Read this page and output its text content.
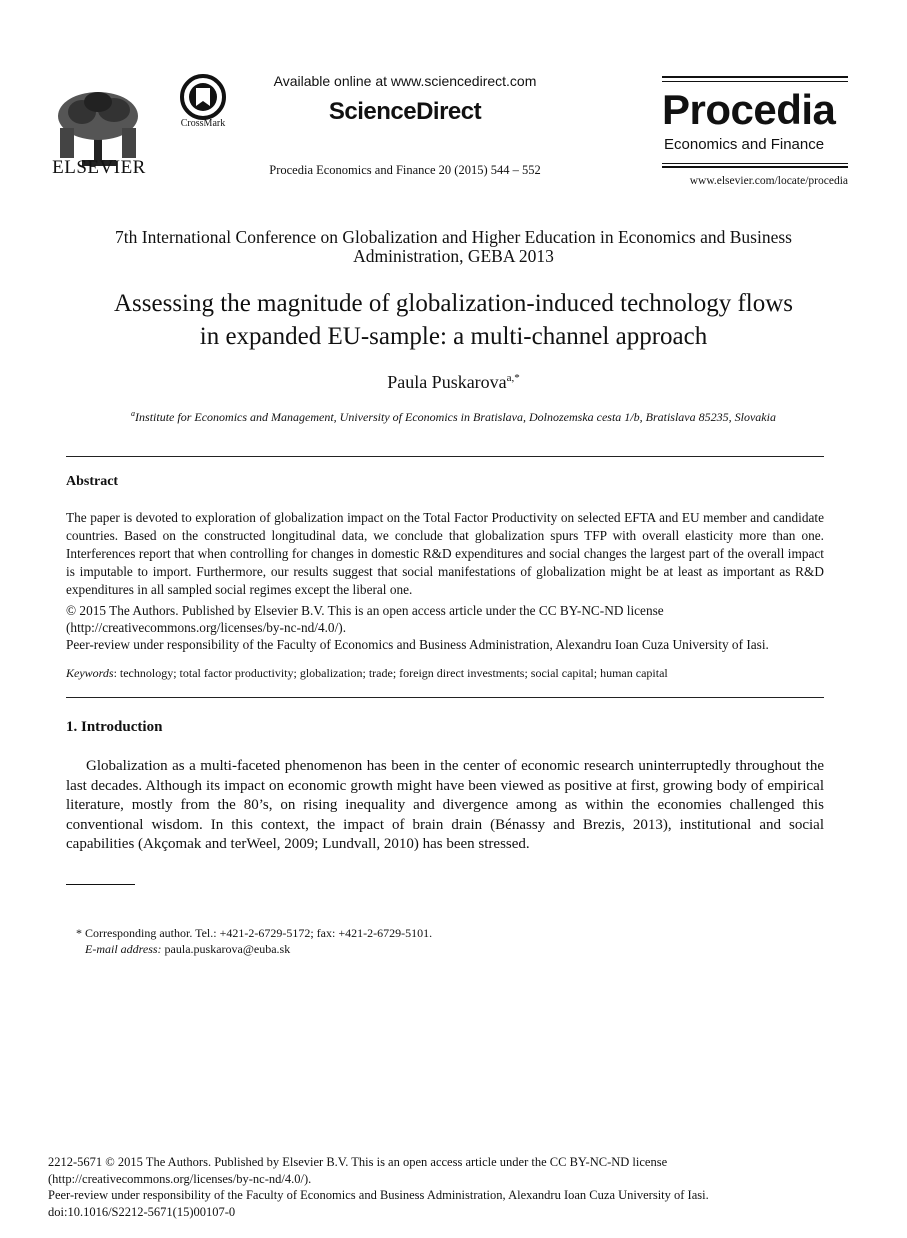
ELSEVIER
CrossMark
Available online at www.sciencedirect.com
ScienceDirect
Procedia Economics and Finance 20 (2015) 544 – 552
Procedia
Economics and Finance
www.elsevier.com/locate/procedia
7th International Conference on Globalization and Higher Education in Economics and Business
Administration, GEBA 2013
Assessing the magnitude of globalization-induced technology flows
in expanded EU-sample: a multi-channel approach
Paula Puskarova$^{a,*}$
$^a$Institute for Economics and Management, University of Economics in Bratislava, Dolnozemska cesta 1/b, Bratislava 85235, Slovakia
Abstract
The paper is devoted to exploration of globalization impact on the Total Factor Productivity on selected EFTA and EU member and candidate countries. Based on the constructed longitudinal data, we conclude that globalization spurs TFP with overall elasticity more than one. Interferences report that when controlling for changes in domestic R&D expenditures and social changes the largest part of the overall impact is imputable to import. Furthermore, our results suggest that social manifestations of globalization might be at least as important as R&D expenditures in all sampled social regimes except the liberal one.
© 2015 The Authors. Published by Elsevier B.V. This is an open access article under the CC BY-NC-ND license
(http://creativecommons.org/licenses/by-nc-nd/4.0/).
Peer-review under responsibility of the Faculty of Economics and Business Administration, Alexandru Ioan Cuza University of Iasi.
Keywords: technology; total factor productivity; globalization; trade; foreign direct investments; social capital; human capital
1. Introduction
Globalization as a multi-faceted phenomenon has been in the center of economic research uninterruptedly throughout the last decades. Although its impact on economic growth might have been viewed as positive at first, growing body of empirical literature, mostly from the 80’s, on rising inequality and divergence among as within the economies challenged this conventional wisdom. In this context, the impact of brain drain (Bénassy and Brezis, 2013), institutional and social capabilities (Akçomak and terWeel, 2009; Lundvall, 2010) has been stressed.
* Corresponding author. Tel.: +421-2-6729-5172; fax: +421-2-6729-5101.
E-mail address: paula.puskarova@euba.sk
2212-5671 © 2015 The Authors. Published by Elsevier B.V. This is an open access article under the CC BY-NC-ND license
(http://creativecommons.org/licenses/by-nc-nd/4.0/).
Peer-review under responsibility of the Faculty of Economics and Business Administration, Alexandru Ioan Cuza University of Iasi.
doi:10.1016/S2212-5671(15)00107-0
